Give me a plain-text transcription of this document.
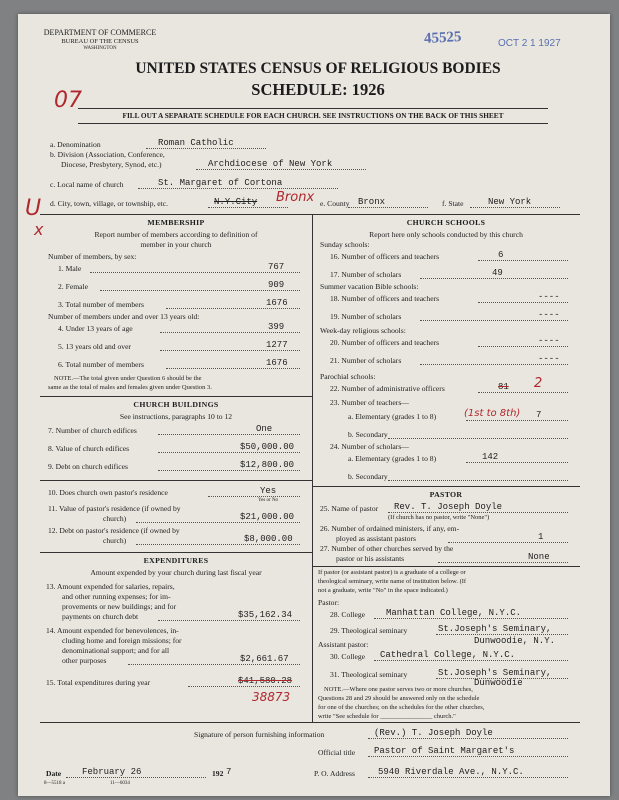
DEPARTMENT OF COMMERCE
BUREAU OF THE CENSUS
WASHINGTON
45525	OCT 2 1 1927
07
UNITED STATES CENSUS OF RELIGIOUS BODIES
SCHEDULE: 1926
FILL OUT A SEPARATE SCHEDULE FOR EACH CHURCH. SEE INSTRUCTIONS ON THE BACK OF THIS SHEET
U
x
a. Denomination	Roman Catholic
b. Division (Association, Conference,
Diocese, Presbytery, Synod, etc.)	Archdiocese of New York
c. Local name of church	St. Margaret of Cortona
d. City, town, village, or township, etc.	N.Y.City Bronx e. County Bronx	f. State	New York
MEMBERSHIP
Report number of members according to definition of
member in your church
Number of members, by sex:
1. Male	767
2. Female	909
3. Total number of members	1676
Number of members under and over 13 years old:
4. Under 13 years of age	399
5. 13 years old and over	1277
6. Total number of members	1676
NOTE.—The total given under Question 6 should be the
same as the total of males and females given under Question 3.
CHURCH BUILDINGS
See instructions, paragraphs 10 to 12
7. Number of church edifices	One
8. Value of church edifices	$50,000.00
9. Debt on church edifices	$12,800.00
10. Does church own pastor's residence	Yes
Yes or No
11. Value of pastor's residence (if owned by
church)	$21,000.00
12. Debt on pastor's residence (if owned by
church)	$8,000.00
EXPENDITURES
Amount expended by your church during last fiscal year
13. Amount expended for salaries, repairs,
and other running expenses; for im-
provements or new buildings; and for
payments on church debt	$35,162.34
14. Amount expended for benevolences, in-
cluding home and foreign missions; for
denominational support; and for all
other purposes	$2,661.67
15. Total expenditures during year	$41,580.28
38873
CHURCH SCHOOLS
Report here only schools conducted by this church
Sunday schools:
16. Number of officers and teachers	6
17. Number of scholars	49
Summer vacation Bible schools:
18. Number of officers and teachers	----
19. Number of scholars	----
Week-day religious schools:
20. Number of officers and teachers	----
21. Number of scholars	----
Parochial schools:
22. Number of administrative officers	81 2
23. Number of teachers—
a. Elementary (grades 1 to 8)	(1st to 8th) 7
b. Secondary
24. Number of scholars—
a. Elementary (grades 1 to 8)	142
b. Secondary
PASTOR
25. Name of pastor Rev. T. Joseph Doyle
(If church has no pastor, write "None")
26. Number of ordained ministers, if any, em-
ployed as assistant pastors	1
27. Number of other churches served by the
pastor or his assistants	None
If pastor (or assistant pastor) is a graduate of a college or
theological seminary, write name of institution below. (If
not a graduate, write "No" in the space indicated.)
Pastor:
28. College Manhattan College, N.Y.C.
29. Theological seminary	St.Joseph's Seminary,
Dunwoodie, N.Y.
Assistant pastor:
30. College Cathedral College, N.Y.C.
31. Theological seminary	St.Joseph's Seminary,
Dunwoodie
NOTE.—Where one pastor serves two or more churches,
Questions 28 and 29 should be answered only on the schedule
for one of the churches; on the schedules for the other churches,
write "See schedule for ________________ church."
Signature of person furnishing information	(Rev.) T. Joseph Doyle
Official title Pastor of Saint Margaret's
Date February 26	192 7
8—5518 a	11—6034
P. O. Address	5940 Riverdale Ave., N.Y.C.
